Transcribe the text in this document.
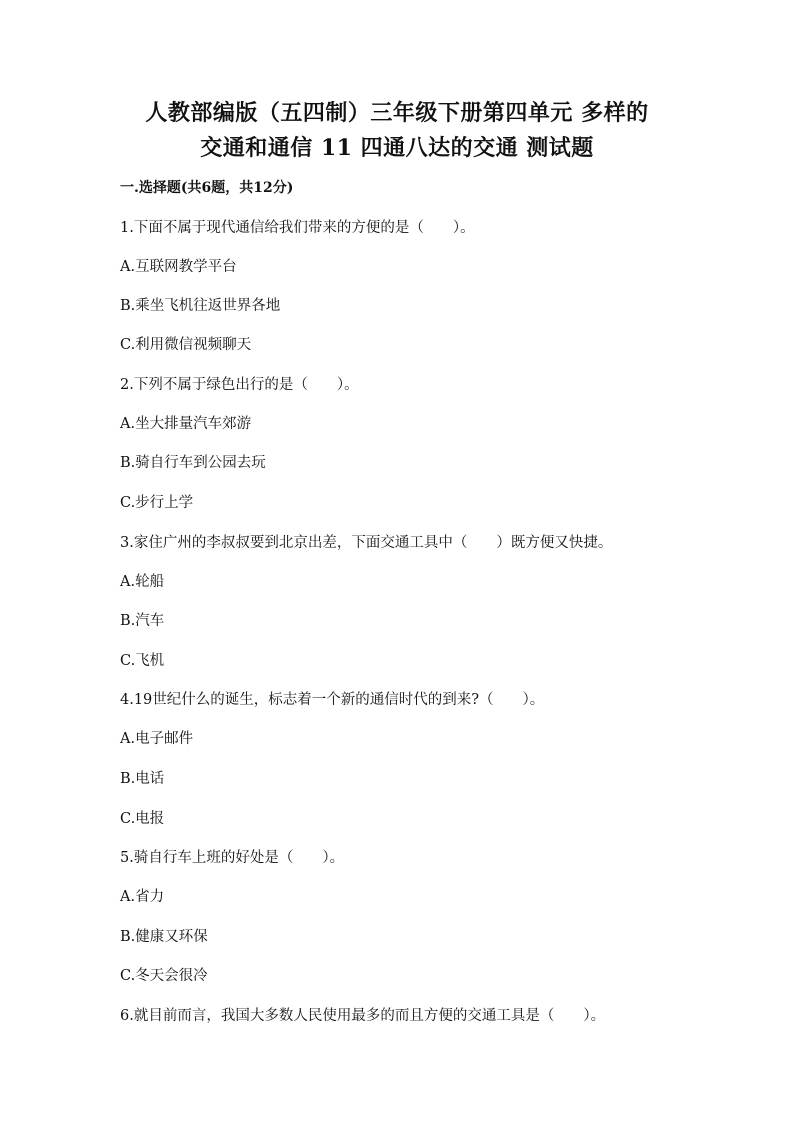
人教部编版（五四制）三年级下册第四单元 多样的
交通和通信 11 四通八达的交通 测试题
一.选择题(共6题，共12分)
1.下面不属于现代通信给我们带来的方便的是（　　）。
A.互联网教学平台
B.乘坐飞机往返世界各地
C.利用微信视频聊天
2.下列不属于绿色出行的是（　　）。
A.坐大排量汽车郊游
B.骑自行车到公园去玩
C.步行上学
3.家住广州的李叔叔要到北京出差，下面交通工具中（　　）既方便又快捷。
A.轮船
B.汽车
C.飞机
4.19世纪什么的诞生，标志着一个新的通信时代的到来?（　　）。
A.电子邮件
B.电话
C.电报
5.骑自行车上班的好处是（　　）。
A.省力
B.健康又环保
C.冬天会很冷
6.就目前而言，我国大多数人民使用最多的而且方便的交通工具是（　　）。
